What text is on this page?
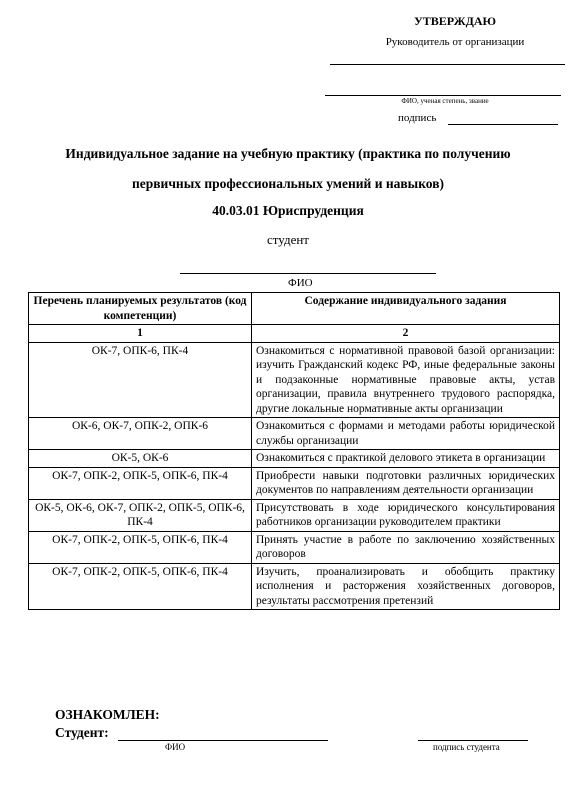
УТВЕРЖДАЮ
Руководитель от организации
ФИО, ученая степень, звание
подпись
Индивидуальное задание на учебную практику (практика по получению
первичных профессиональных умений и навыков)
40.03.01 Юриспруденция
студент
ФИО
Перечень планируемых результатов (код компетенции)	Содержание индивидуального задания
1	2
ОК-7, ОПК-6, ПК-4	Ознакомиться с нормативной правовой базой организации: изучить Гражданский кодекс РФ, иные федеральные законы и подзаконные нормативные правовые акты, устав организации, правила внутреннего трудового распорядка, другие локальные нормативные акты организации
ОК-6, ОК-7, ОПК-2, ОПК-6	Ознакомиться с формами и методами работы юридической службы организации
ОК-5, ОК-6	Ознакомиться с практикой делового этикета в организации
ОК-7, ОПК-2, ОПК-5, ОПК-6, ПК-4	Приобрести навыки подготовки различных юридических документов по направлениям деятельности организации
ОК-5, ОК-6, ОК-7, ОПК-2, ОПК-5, ОПК-6, ПК-4	Присутствовать в ходе юридического консультирования работников организации руководителем практики
ОК-7, ОПК-2, ОПК-5, ОПК-6, ПК-4	Принять участие в работе по заключению хозяйственных договоров
ОК-7, ОПК-2, ОПК-5, ОПК-6, ПК-4	Изучить, проанализировать и обобщить практику исполнения и расторжения хозяйственных договоров, результаты рассмотрения претензий
ОЗНАКОМЛЕН:
Студент:
ФИО	подпись студента
